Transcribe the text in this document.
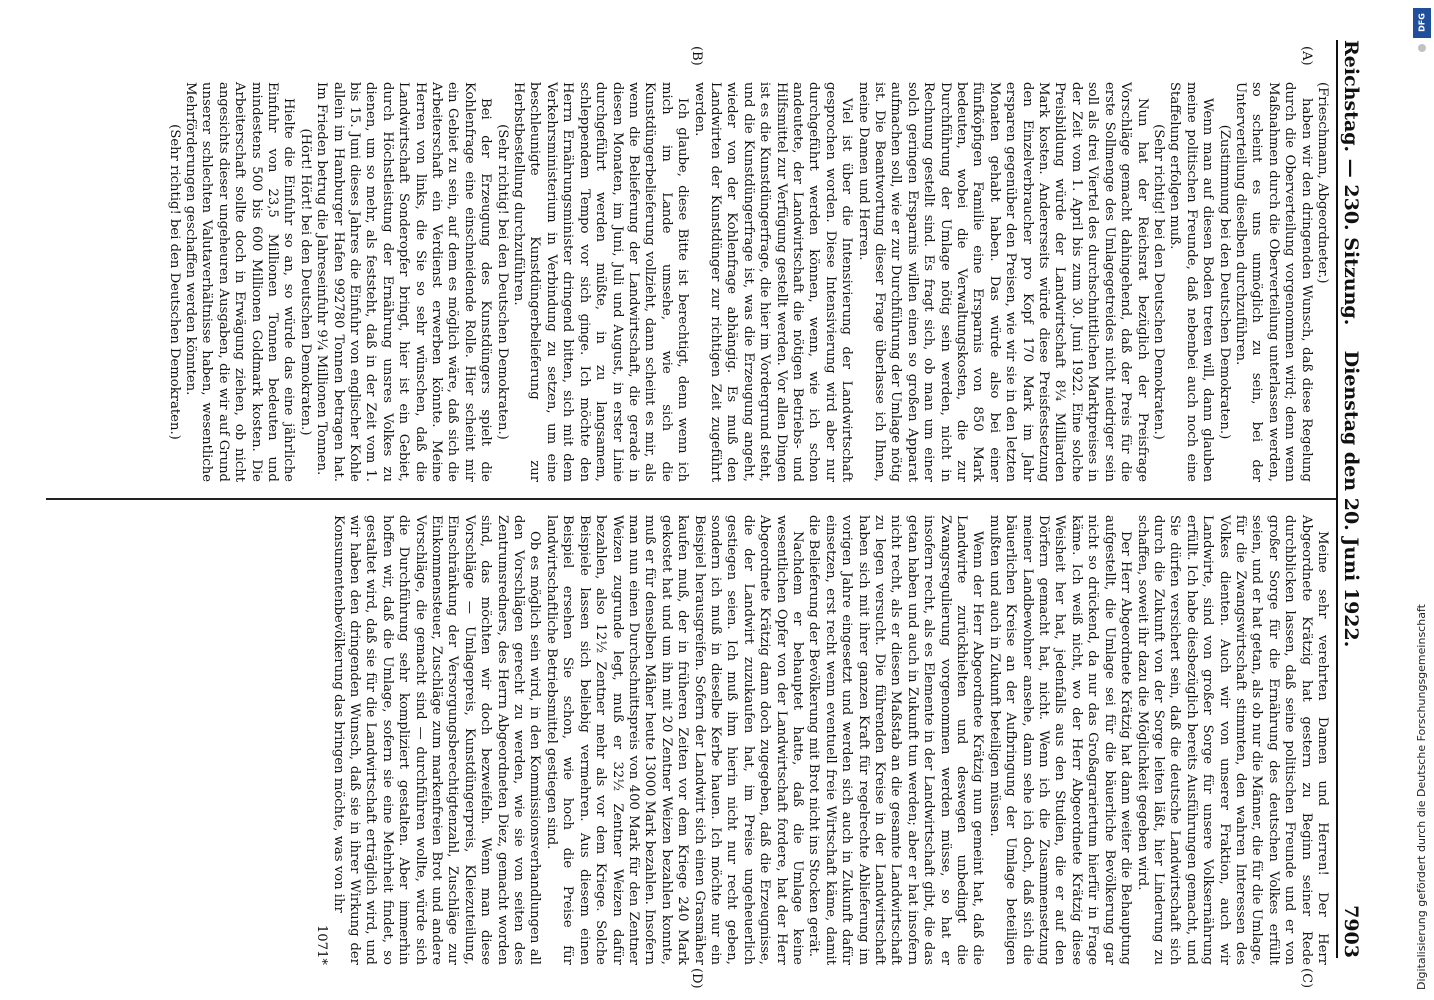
Reichstag. — 230. Sitzung.
Dienstag den 20. Juni 1922.
7903
(A)
(B)
(C)
(D)

(Frieschmann, Abgeordneter.)

haben wir den dringenden Wunsch, daß diese Regelung durch die Oberverteilung vorgenommen wird; denn wenn Maßnahmen durch die Oberverteilung unterlassen werden, so scheint es uns unmöglich zu sein, bei der Unterverteilung dieselben durchzuführen.

(Zustimmung bei den Deutschen Demokraten.)

Wenn man auf diesen Boden treten will, dann glauben meine politischen Freunde, daß nebenbei auch noch eine Staffelung erfolgen muß.

(Sehr richtig! bei den Deutschen Demokraten.)

Nun hat der Reichsrat bezüglich der Preisfrage Vorschläge gemacht dahingehend, daß der Preis für die erste Sollmenge des Umlagegetreides nicht niedriger sein soll als drei Viertel des durchschnittlichen Marktpreises in der Zeit vom 1. April bis zum 30. Juni 1922. Eine solche Preisbildung würde der Landwirtschaft 8¼ Milliarden Mark kosten. Andererseits würde diese Preisfestsetzung den Einzelverbraucher pro Kopf 170 Mark im Jahr ersparen gegenüber den Preisen, wie wir sie in den letzten Monaten gehabt haben. Das würde also bei einer fünfköpfigen Familie eine Ersparnis von 850 Mark bedeuten, wobei die Verwaltungskosten, die zur Durchführung der Umlage nötig sein werden, nicht in Rechnung gestellt sind. Es fragt sich, ob man um einer solch geringen Ersparnis willen einen so großen Apparat aufmachen soll, wie er zur Durchführung der Umlage nötig ist. Die Beantwortung dieser Frage überlasse ich Ihnen, meine Damen und Herren.

Viel ist über die Intensivierung der Landwirtschaft gesprochen worden. Diese Intensivierung wird aber nur durchgeführt werden können, wenn, wie ich schon andeutete, der Landwirtschaft die nötigen Betriebs- und Hilfsmittel zur Verfügung gestellt werden. Vor allen Dingen ist es die Kunstdüngerfrage, die hier im Vordergrund steht, und die Kunstdüngerfrage ist, was die Erzeugung angeht, wieder von der Kohlenfrage abhängig. Es muß den Landwirten der Kunstdünger zur richtigen Zeit zugeführt werden.

Ich glaube, diese Bitte ist berechtigt, denn wenn ich mich im Lande umsehe, wie sich die Kunstdüngerbelieferung vollzieht, dann scheint es mir, als wenn die Belieferung der Landwirtschaft, die gerade in diesen Monaten, im Juni, Juli und August, in erster Linie durchgeführt werden müßte, in zu langsamem, schleppendem Tempo vor sich ginge. Ich möchte den Herrn Ernährungsminister dringend bitten, sich mit dem Verkehrsministerium in Verbindung zu setzen, um eine beschleunigte Kunstdüngerbelieferung zur Herbstbestellung durchzuführen.

(Sehr richtig! bei den Deutschen Demokraten.)

Bei der Erzeugung des Kunstdüngers spielt die Kohlenfrage eine einschneidende Rolle. Hier scheint mir ein Gebiet zu sein, auf dem es möglich wäre, daß sich die Arbeiterschaft ein Verdienst erwerben könnte. Meine Herren von links, die Sie so sehr wünschen, daß die Landwirtschaft Sonderopfer bringt, hier ist ein Gebiet, durch Höchstleistung der Ernährung unsres Volkes zu dienen, um so mehr, als feststeht, daß in der Zeit vom 1. bis 15. Juni dieses Jahres die Einfuhr von englischer Kohle allein im Hamburger Hafen 992780 Tonnen betragen hat. Im Frieden betrug die Jahreseinfuhr 9¼ Millionen Tonnen.

(Hört! Hört! bei den Deutschen Demokraten.)

Hielte die Einfuhr so an, so würde das eine jährliche Einfuhr von 23,5 Millionen Tonnen bedeuten und mindestens 500 bis 600 Millionen Goldmark kosten. Die Arbeiterschaft sollte doch in Erwägung ziehen, ob nicht angesichts dieser ungeheuren Ausgaben, die wir auf Grund unserer schlechten Valutaverhältnisse haben, wesentliche Mehrförderungen geschaffen werden könnten.

(Sehr richtig! bei den Deutschen Demokraten.)

Meine sehr verehrten Damen und Herren! Der Herr Abgeordnete Krätzig hat gestern zu Beginn seiner Rede durchblicken lassen, daß seine politischen Freunde und er von großer Sorge für die Ernährung des deutschen Volkes erfüllt seien, und er hat getan, als ob nur die Männer, die für die Umlage, für die Zwangswirtschaft stimmten, den wahren Interessen des Volkes dienten. Auch wir von unserer Fraktion, auch wir Landwirte, sind von großer Sorge für unsere Volksernährung erfüllt. Ich habe diesbezüglich bereits Ausführungen gemacht, und Sie dürfen versichert sein, daß die deutsche Landwirtschaft sich durch die Zukunft von der Sorge leiten läßt, hier Linderung zu schaffen, soweit ihr dazu die Möglichkeit gegeben wird.

Der Herr Abgeordnete Krätzig hat dann weiter die Behauptung aufgestellt, die Umlage sei für die bäuerliche Bevölkerung gar nicht so drückend, da nur das Großagrariertum hierfür in Frage käme. Ich weiß nicht, wo der Herr Abgeordnete Krätzig diese Weisheit her hat, jedenfalls aus den Studien, die er auf den Dörfern gemacht hat, nicht. Wenn ich die Zusammensetzung meiner Landbewohner ansehe, dann sehe ich doch, daß sich die bäuerlichen Kreise an der Aufbringung der Umlage beteiligen mußten und auch in Zukunft beteiligen müssen.

Wenn der Herr Abgeordnete Krätzig nun gemeint hat, daß die Landwirte zurückhielten und deswegen unbedingt die Zwangsregulierung vorgenommen werden müsse, so hat er insofern recht, als es Elemente in der Landwirtschaft gibt, die das getan haben und auch in Zukunft tun werden; aber er hat insofern nicht recht, als er diesen Maßstab an die gesamte Landwirtschaft zu legen versucht. Die führenden Kreise in der Landwirtschaft haben sich mit ihrer ganzen Kraft für regelrechte Ablieferung im vorigen Jahre eingesetzt und werden sich auch in Zukunft dafür einsetzen, erst recht wenn eventuell freie Wirtschaft käme, damit die Belieferung der Bevölkerung mit Brot nicht ins Stocken gerät.

Nachdem er behauptet hatte, daß die Umlage keine wesentlichen Opfer von der Landwirtschaft fordere, hat der Herr Abgeordnete Krätzig dann doch zugegeben, daß die Erzeugnisse, die der Landwirt zuzukaufen hat, im Preise ungeheuerlich gestiegen seien. Ich muß ihm hierin nicht nur recht geben, sondern ich muß in dieselbe Kerbe hauen. Ich möchte nur ein Beispiel herausgreifen. Sofern der Landwirt sich einen Grasmäher kaufen muß, der in früheren Zeiten vor dem Kriege 240 Mark gekostet hat und um ihn mit 20 Zentner Weizen bezahlen konnte, muß er für denselben Mäher heute 13000 Mark bezahlen. Insofern man nun einen Durchschnittspreis von 400 Mark für den Zentner Weizen zugrunde legt, muß er 32½ Zentner Weizen dafür bezahlen, also 12½ Zentner mehr als vor dem Kriege. Solche Beispiele lassen sich beliebig vermehren. Aus diesem einen Beispiel ersehen Sie schon, wie hoch die Preise für landwirtschaftliche Betriebsmittel gestiegen sind.

Ob es möglich sein wird, in den Kommissionsverhandlungen all den Vorschlägen gerecht zu werden, wie sie von seiten des Zentrumsredners, des Herrn Abgeordneten Diez, gemacht worden sind, das möchten wir doch bezweifeln. Wenn man diese Vorschläge — Umlagepreis, Kunstdüngerpreis, Kleiezuteilung, Einschränkung der Versorgungsberechtigtenzahl, Zuschläge zur Einkommensteuer, Zuschläge zum markenfreien Brot und andere Vorschläge, die gemacht sind — durchführen wollte, würde sich die Durchführung sehr kompliziert gestalten. Aber immerhin hoffen wir, daß die Umlage, sofern sie eine Mehrheit findet, so gestaltet wird, daß sie für die Landwirtschaft erträglich wird, und wir haben den dringenden Wunsch, daß sie in ihrer Wirkung der Konsumentenbevölkerung das bringen möchte, was von ihr

1071*	Digitalisierung gefördert durch die Deutsche Forschungsgemeinschaft
DFG
